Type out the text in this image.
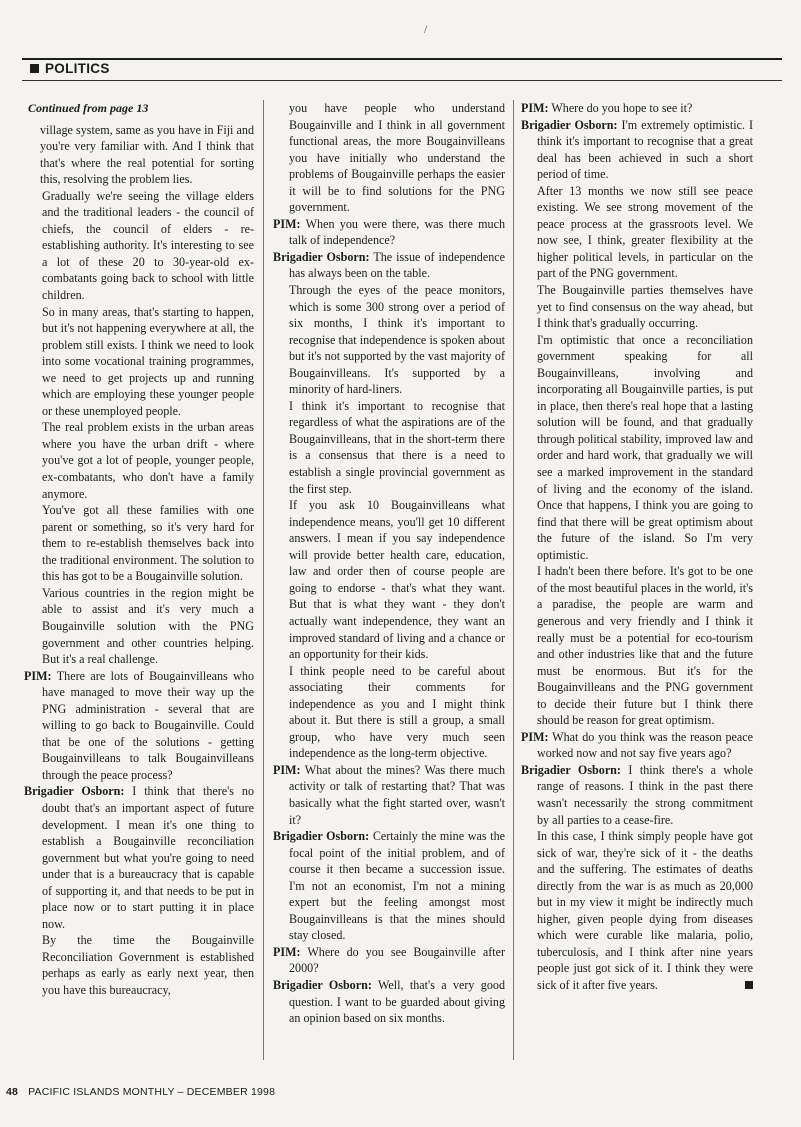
/
POLITICS
Continued from page 13

village system, same as you have in Fiji and you're very familiar with. And I think that that's where the real potential for sorting this, resolving the problem lies.

Gradually we're seeing the village elders and the traditional leaders - the council of chiefs, the council of elders - re-establishing authority. It's interesting to see a lot of these 20 to 30-year-old ex-combatants going back to school with little children.

So in many areas, that's starting to happen, but it's not happening everywhere at all, the problem still exists. I think we need to look into some vocational training programmes, we need to get projects up and running which are employing these younger people or these unemployed people.

The real problem exists in the urban areas where you have the urban drift - where you've got a lot of people, younger people, ex-combatants, who don't have a family anymore.

You've got all these families with one parent or something, so it's very hard for them to re-establish themselves back into the traditional environment. The solution to this has got to be a Bougainville solution.

Various countries in the region might be able to assist and it's very much a Bougainville solution with the PNG government and other countries helping. But it's a real challenge.

PIM: There are lots of Bougainvilleans who have managed to move their way up the PNG administration - several that are willing to go back to Bougainville. Could that be one of the solutions - getting Bougainvilleans to talk Bougainvilleans through the peace process?

Brigadier Osborn: I think that there's no doubt that's an important aspect of future development. I mean it's one thing to establish a Bougainville reconciliation government but what you're going to need under that is a bureaucracy that is capable of supporting it, and that needs to be put in place now or to start putting it in place now.

By the time the Bougainville Reconciliation Government is established perhaps as early as early next year, then you have this bureaucracy,

you have people who understand Bougainville and I think in all government functional areas, the more Bougainvilleans you have initially who understand the problems of Bougainville perhaps the easier it will be to find solutions for the PNG government.

PIM: When you were there, was there much talk of independence?

Brigadier Osborn: The issue of independence has always been on the table.

Through the eyes of the peace monitors, which is some 300 strong over a period of six months, I think it's important to recognise that independence is spoken about but it's not supported by the vast majority of Bougainvilleans. It's supported by a minority of hard-liners.

I think it's important to recognise that regardless of what the aspirations are of the Bougainvilleans, that in the short-term there is a consensus that there is a need to establish a single provincial government as the first step.

If you ask 10 Bougainvilleans what independence means, you'll get 10 different answers. I mean if you say independence will provide better health care, education, law and order then of course people are going to endorse - that's what they want. But that is what they want - they don't actually want independence, they want an improved standard of living and a chance or an opportunity for their kids.

I think people need to be careful about associating their comments for independence as you and I might think about it. But there is still a group, a small group, who have very much seen independence as the long-term objective.

PIM: What about the mines? Was there much activity or talk of restarting that? That was basically what the fight started over, wasn't it?

Brigadier Osborn: Certainly the mine was the focal point of the initial problem, and of course it then became a succession issue. I'm not an economist, I'm not a mining expert but the feeling amongst most Bougainvilleans is that the mines should stay closed.

PIM: Where do you see Bougainville after 2000?

Brigadier Osborn: Well, that's a very good question. I want to be guarded about giving an opinion based on six months.

PIM: Where do you hope to see it?

Brigadier Osborn: I'm extremely optimistic. I think it's important to recognise that a great deal has been achieved in such a short period of time.

After 13 months we now still see peace existing. We see strong movement of the peace process at the grassroots level. We now see, I think, greater flexibility at the higher political levels, in particular on the part of the PNG government.

The Bougainville parties themselves have yet to find consensus on the way ahead, but I think that's gradually occurring.

I'm optimistic that once a reconciliation government speaking for all Bougainvilleans, involving and incorporating all Bougainville parties, is put in place, then there's real hope that a lasting solution will be found, and that gradually through political stability, improved law and order and hard work, that gradually we will see a marked improvement in the standard of living and the economy of the island. Once that happens, I think you are going to find that there will be great optimism about the future of the island. So I'm very optimistic.

I hadn't been there before. It's got to be one of the most beautiful places in the world, it's a paradise, the people are warm and generous and very friendly and I think it really must be a potential for eco-tourism and other industries like that and the future must be enormous. But it's for the Bougainvilleans and the PNG government to decide their future but I think there should be reason for great optimism.

PIM: What do you think was the reason peace worked now and not say five years ago?

Brigadier Osborn: I think there's a whole range of reasons. I think in the past there wasn't necessarily the strong commitment by all parties to a cease-fire.

In this case, I think simply people have got sick of war, they're sick of it - the deaths and the suffering. The estimates of deaths directly from the war is as much as 20,000 but in my view it might be indirectly much higher, given people dying from diseases which were curable like malaria, polio, tuberculosis, and I think after nine years people just got sick of it. I think they were sick of it after five years.

48 PACIFIC ISLANDS MONTHLY – DECEMBER 1998
